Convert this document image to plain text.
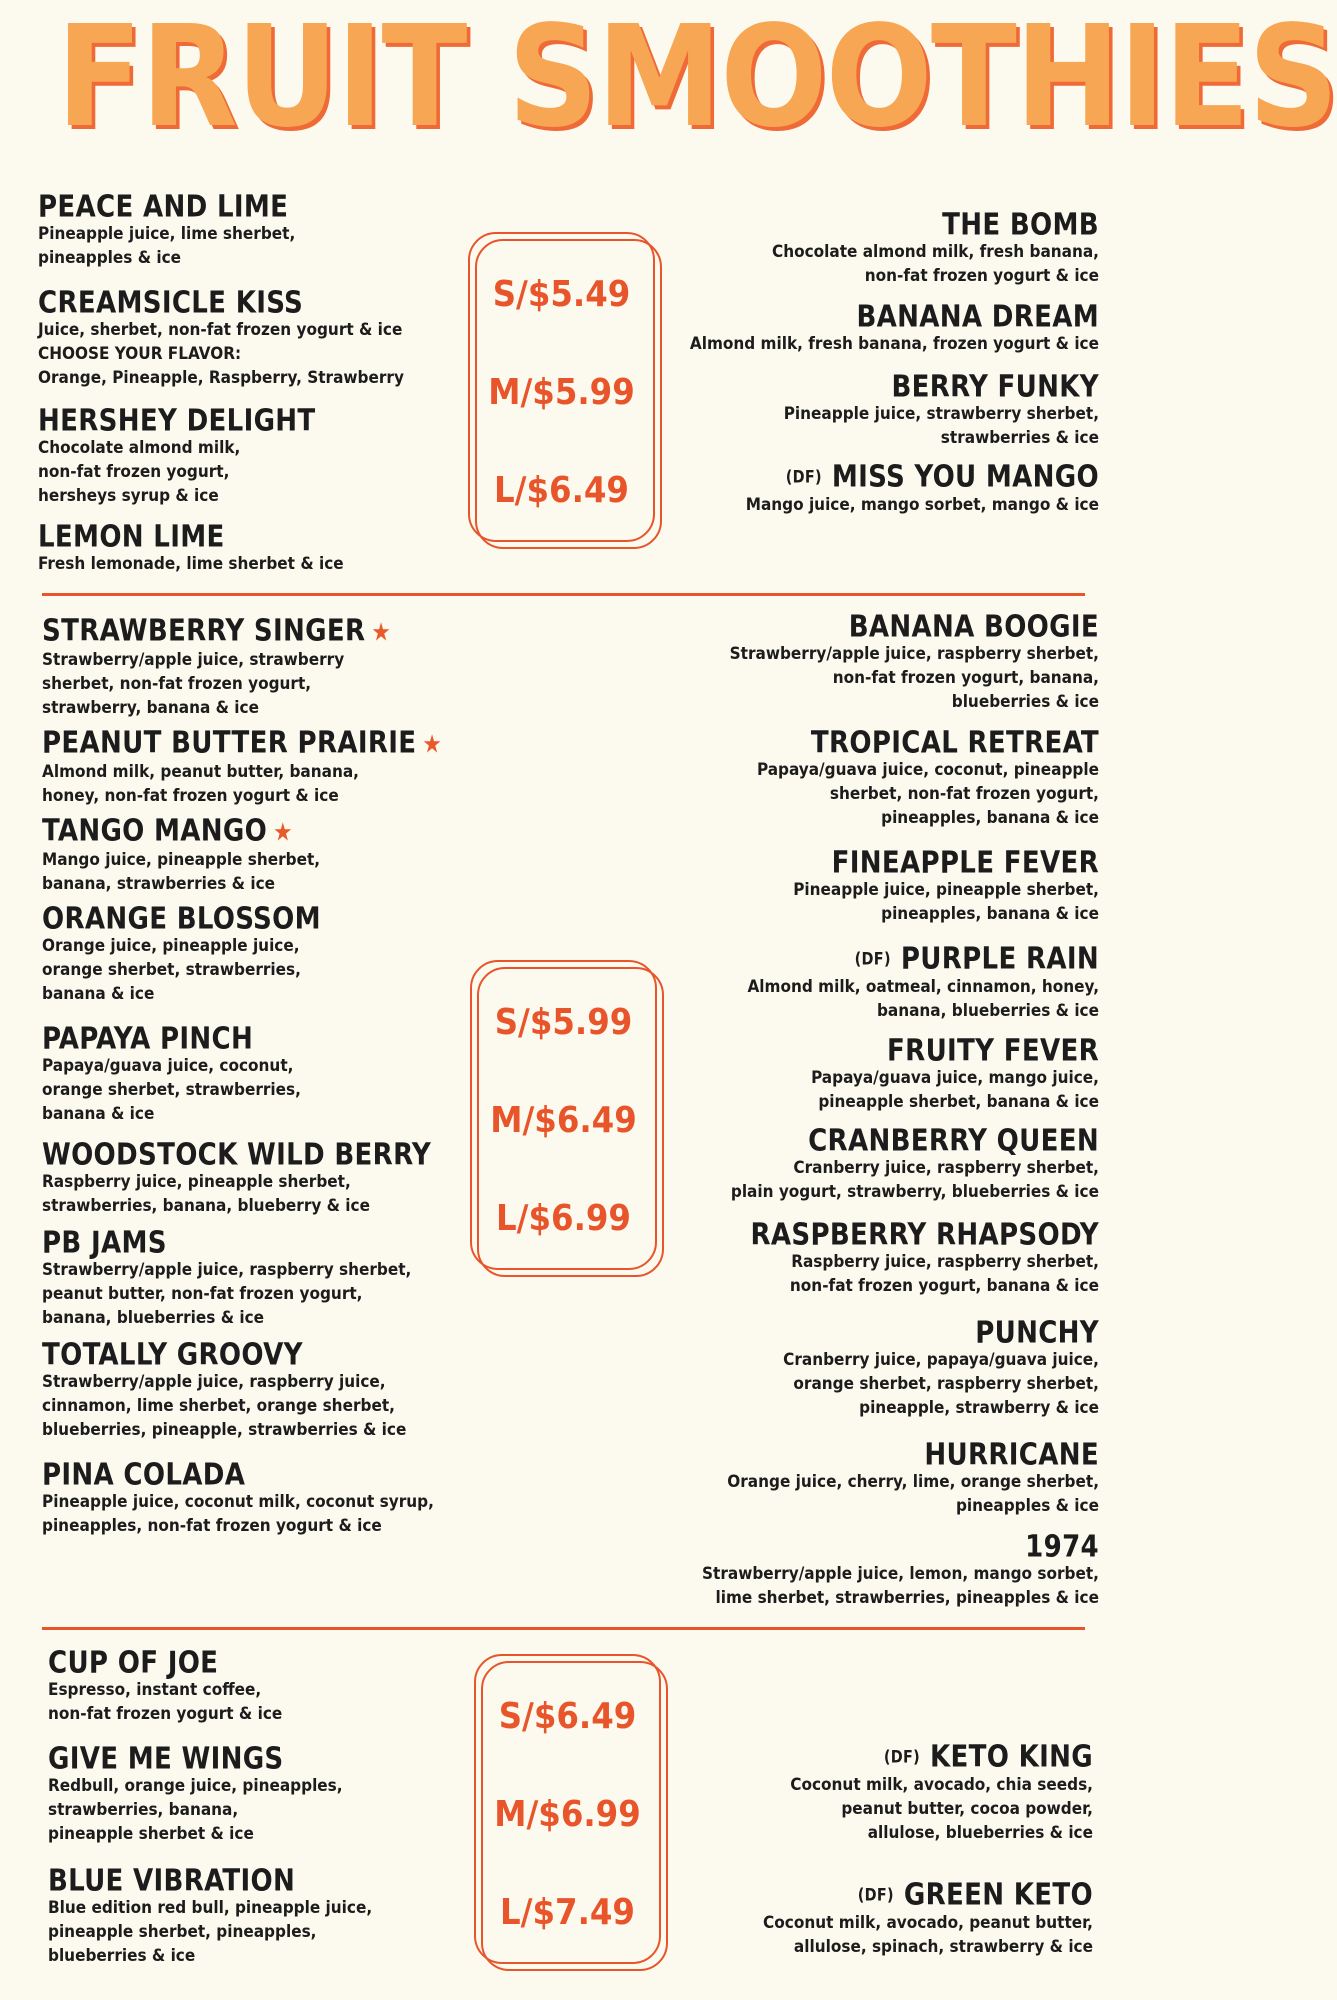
FRUIT SMOOTHIES
PEACE AND LIME
Pineapple juice, lime sherbet,
pineapples & ice
CREAMSICLE KISS
Juice, sherbet, non-fat frozen yogurt & ice
CHOOSE YOUR FLAVOR:
Orange, Pineapple, Raspberry, Strawberry
HERSHEY DELIGHT
Chocolate almond milk,
non-fat frozen yogurt,
hersheys syrup & ice
LEMON LIME
Fresh lemonade, lime sherbet & ice
S/$5.49
M/$5.99
L/$6.49
THE BOMB
Chocolate almond milk, fresh banana,
non-fat frozen yogurt & ice
BANANA DREAM
Almond milk, fresh banana, frozen yogurt & ice
BERRY FUNKY
Pineapple juice, strawberry sherbet,
strawberries & ice
(DF) MISS YOU MANGO
Mango juice, mango sorbet, mango & ice
STRAWBERRY SINGER ★
Strawberry/apple juice, strawberry
sherbet, non-fat frozen yogurt,
strawberry, banana & ice
PEANUT BUTTER PRAIRIE ★
Almond milk, peanut butter, banana,
honey, non-fat frozen yogurt & ice
TANGO MANGO ★
Mango juice, pineapple sherbet,
banana, strawberries & ice
ORANGE BLOSSOM
Orange juice, pineapple juice,
orange sherbet, strawberries,
banana & ice
PAPAYA PINCH
Papaya/guava juice, coconut,
orange sherbet, strawberries,
banana & ice
WOODSTOCK WILD BERRY
Raspberry juice, pineapple sherbet,
strawberries, banana, blueberry & ice
PB JAMS
Strawberry/apple juice, raspberry sherbet,
peanut butter, non-fat frozen yogurt,
banana, blueberries & ice
TOTALLY GROOVY
Strawberry/apple juice, raspberry juice,
cinnamon, lime sherbet, orange sherbet,
blueberries, pineapple, strawberries & ice
PINA COLADA
Pineapple juice, coconut milk, coconut syrup,
pineapples, non-fat frozen yogurt & ice
S/$5.99
M/$6.49
L/$6.99
BANANA BOOGIE
Strawberry/apple juice, raspberry sherbet,
non-fat frozen yogurt, banana,
blueberries & ice
TROPICAL RETREAT
Papaya/guava juice, coconut, pineapple
sherbet, non-fat frozen yogurt,
pineapples, banana & ice
FINEAPPLE FEVER
Pineapple juice, pineapple sherbet,
pineapples, banana & ice
(DF) PURPLE RAIN
Almond milk, oatmeal, cinnamon, honey,
banana, blueberries & ice
FRUITY FEVER
Papaya/guava juice, mango juice,
pineapple sherbet, banana & ice
CRANBERRY QUEEN
Cranberry juice, raspberry sherbet,
plain yogurt, strawberry, blueberries & ice
RASPBERRY RHAPSODY
Raspberry juice, raspberry sherbet,
non-fat frozen yogurt, banana & ice
PUNCHY
Cranberry juice, papaya/guava juice,
orange sherbet, raspberry sherbet,
pineapple, strawberry & ice
HURRICANE
Orange juice, cherry, lime, orange sherbet,
pineapples & ice
1974
Strawberry/apple juice, lemon, mango sorbet,
lime sherbet, strawberries, pineapples & ice
CUP OF JOE
Espresso, instant coffee,
non-fat frozen yogurt & ice
GIVE ME WINGS
Redbull, orange juice, pineapples,
strawberries, banana,
pineapple sherbet & ice
BLUE VIBRATION
Blue edition red bull, pineapple juice,
pineapple sherbet, pineapples,
blueberries & ice
S/$6.49
M/$6.99
L/$7.49
(DF) KETO KING
Coconut milk, avocado, chia seeds,
peanut butter, cocoa powder,
allulose, blueberries & ice
(DF) GREEN KETO
Coconut milk, avocado, peanut butter,
allulose, spinach, strawberry & ice
